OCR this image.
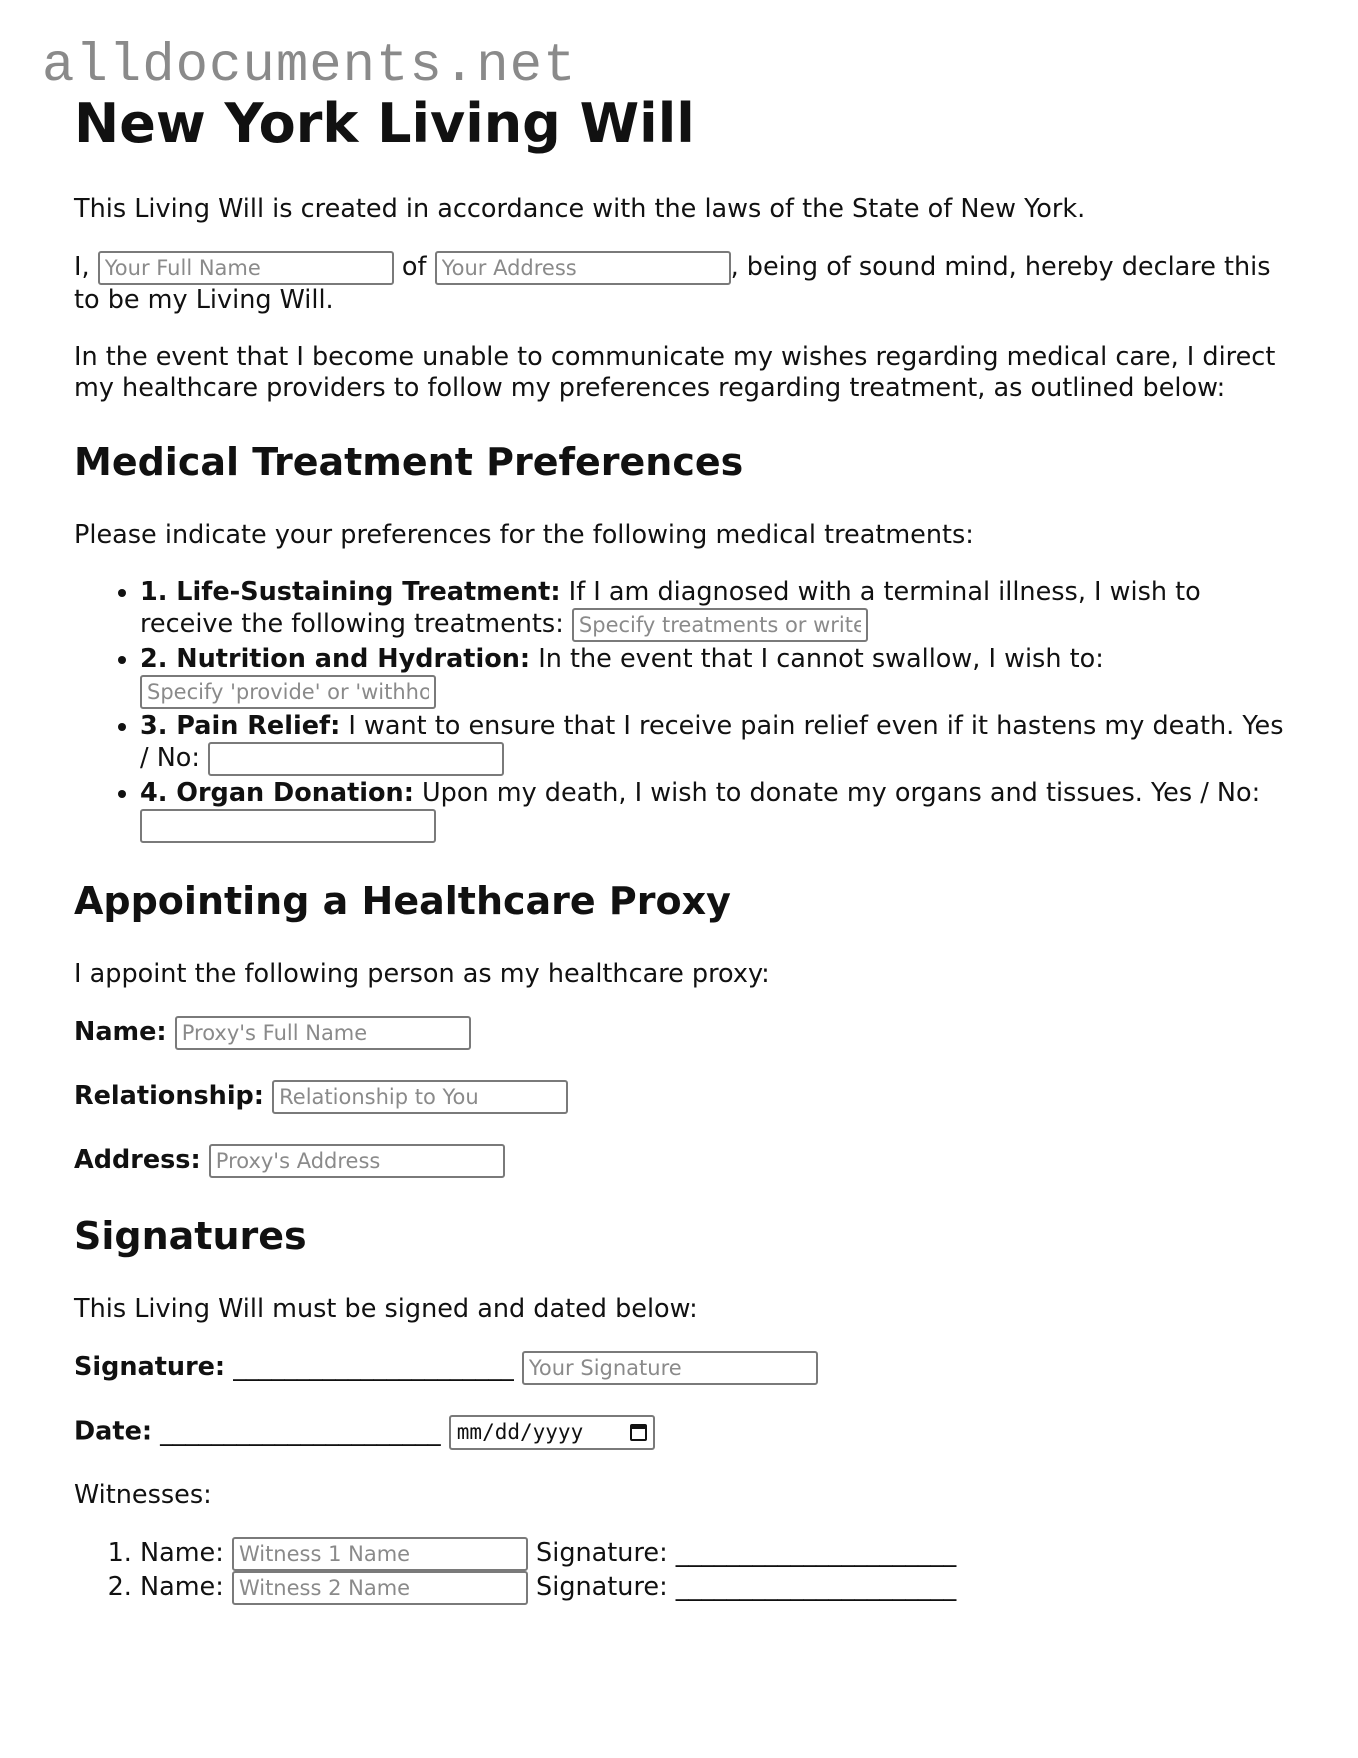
alldocuments.net
New York Living Will

This Living Will is created in accordance with the laws of the State of New York.

I, Your Full Name	of Your Address	, being of sound mind, hereby declare this to be my Living Will.

In the event that I become unable to communicate my wishes regarding medical care, I direct my healthcare providers to follow my preferences regarding treatment, as outlined below:

Medical Treatment Preferences

Please indicate your preferences for the following medical treatments:

• 1. Life-Sustaining Treatment: If I am diagnosed with a terminal illness, I wish to receive the following treatments: Specify treatments or write 'none'
• 2. Nutrition and Hydration: In the event that I cannot swallow, I wish to: Specify 'provide' or 'withhold'
• 3. Pain Relief: I want to ensure that I receive pain relief even if it hastens my death. Yes / No:
• 4. Organ Donation: Upon my death, I wish to donate my organs and tissues. Yes / No:
Appointing a Healthcare Proxy

I appoint the following person as my healthcare proxy:

Name: Proxy's Full Name
Relationship: Relationship to You
Address: Proxy's Address
Signatures

This Living Will must be signed and dated below:

Signature: ______________________ Your Signature
Date: ______________________ mm/dd/yyyy

Witnesses:

1. Name: Witness 1 Name	Signature: ______________________
2. Name: Witness 2 Name	Signature: ______________________
